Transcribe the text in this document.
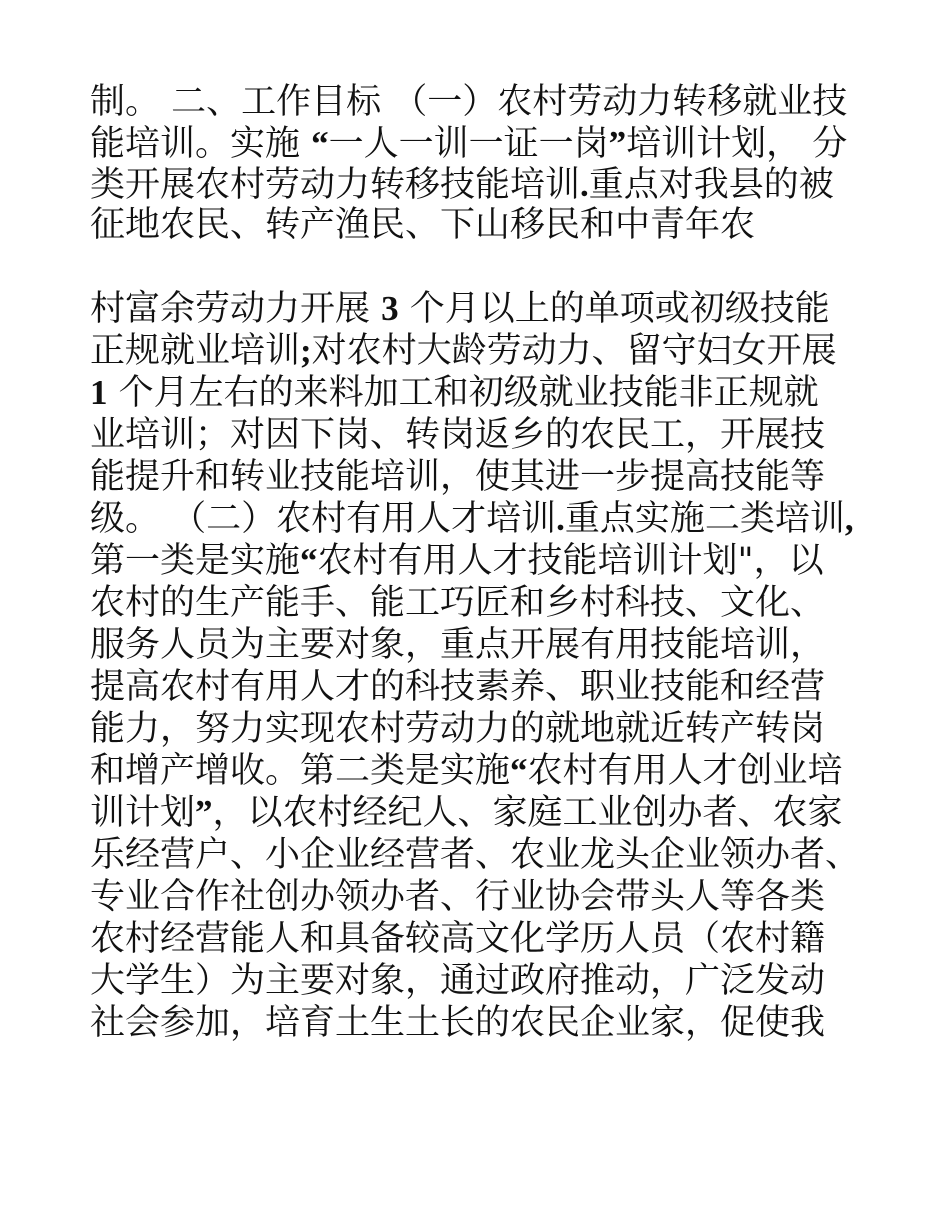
制。 二、工作目标 （一）农村劳动力转移就业技
能培训。实施 “一人一训一证一岗”培训计划， 分
类开展农村劳动力转移技能培训.重点对我县的被
征地农民、转产渔民、下山移民和中青年农
村富余劳动力开展 3 个月以上的单项或初级技能
正规就业培训;对农村大龄劳动力、留守妇女开展
1 个月左右的来料加工和初级就业技能非正规就
业培训；对因下岗、转岗返乡的农民工，开展技
能提升和转业技能培训，使其进一步提高技能等
级。 （二）农村有用人才培训.重点实施二类培训,
第一类是实施“农村有用人才技能培训计划"，以
农村的生产能手、能工巧匠和乡村科技、文化、
服务人员为主要对象，重点开展有用技能培训，
提高农村有用人才的科技素养、职业技能和经营
能力，努力实现农村劳动力的就地就近转产转岗
和增产增收。第二类是实施“农村有用人才创业培
训计划”，以农村经纪人、家庭工业创办者、农家
乐经营户、小企业经营者、农业龙头企业领办者、
专业合作社创办领办者、行业协会带头人等各类
农村经营能人和具备较高文化学历人员（农村籍
大学生）为主要对象，通过政府推动，广泛发动
社会参加，培育土生土长的农民企业家，促使我
